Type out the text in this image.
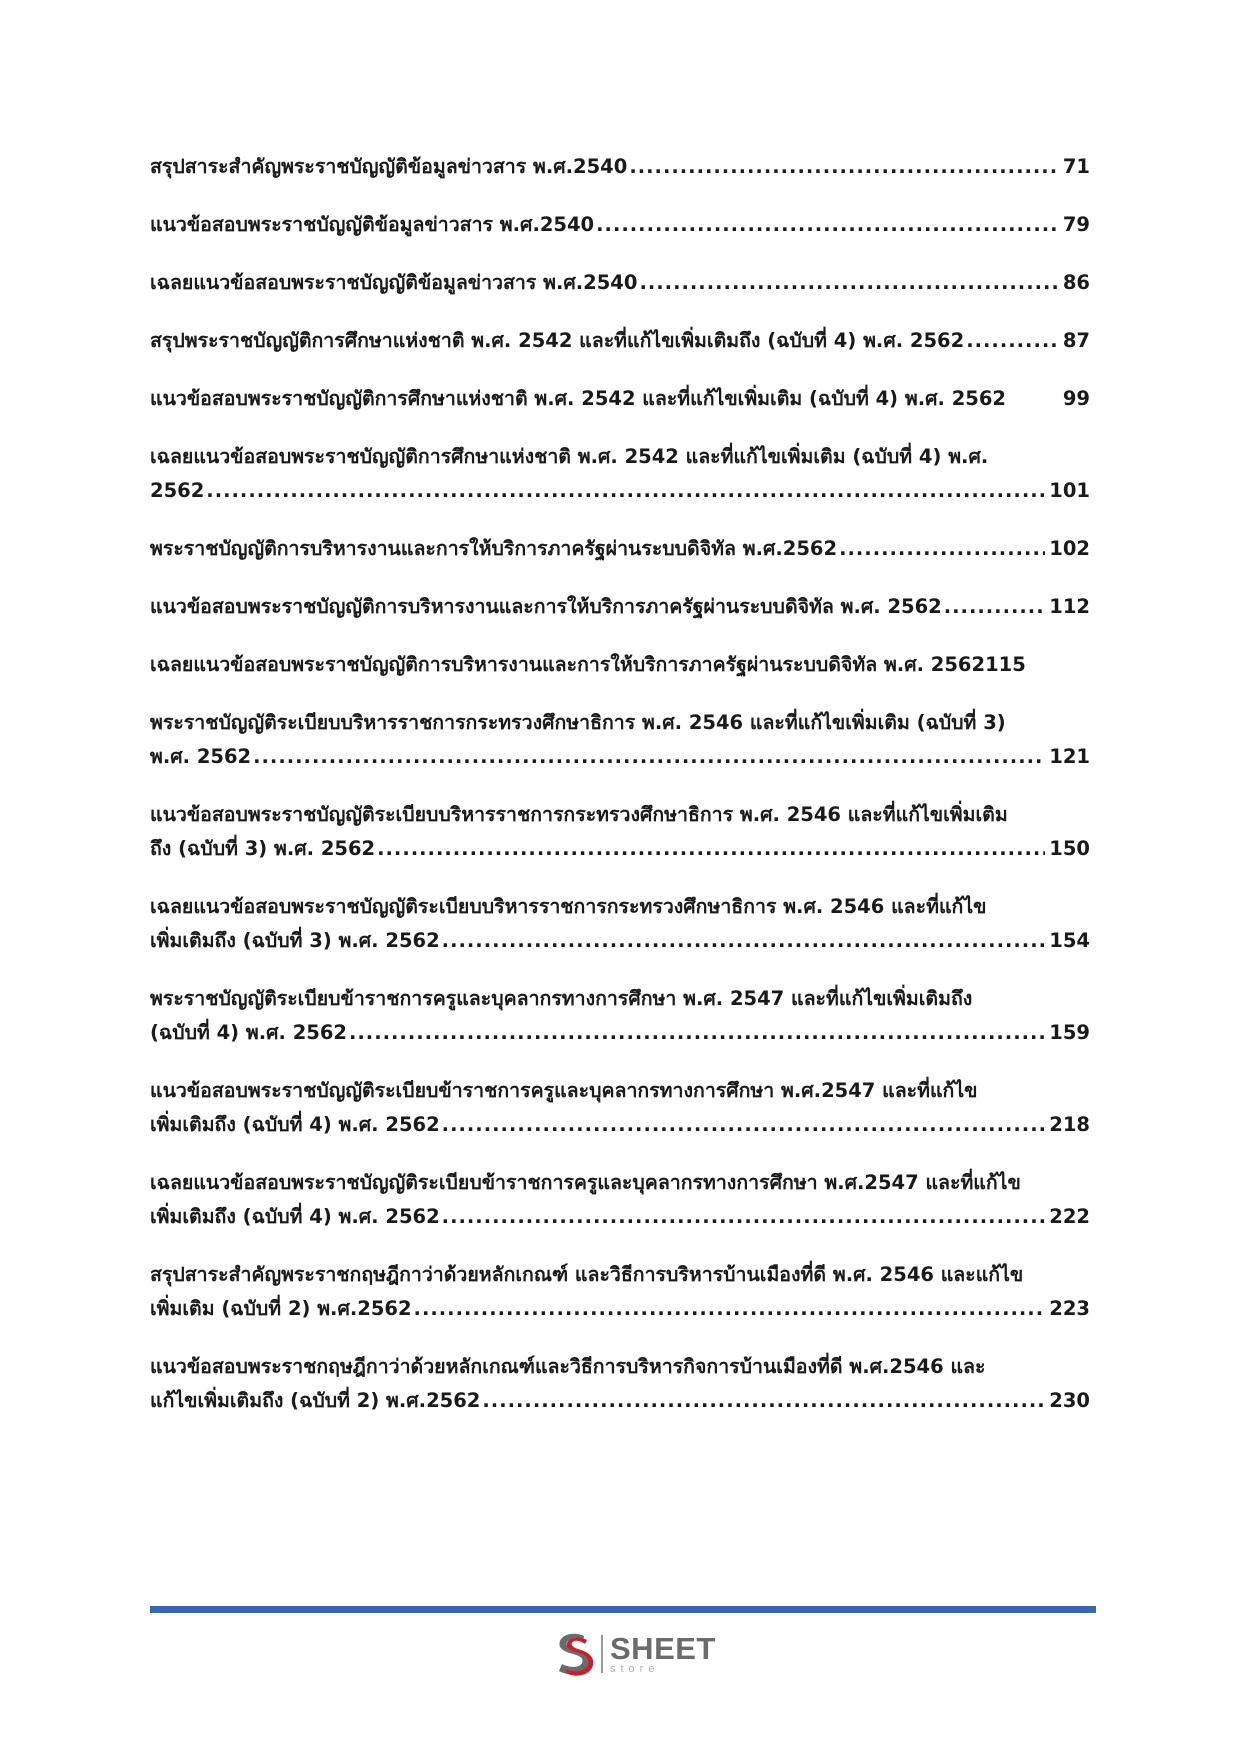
สรุปสาระสำคัญพระราชบัญญัติข้อมูลข่าวสาร พ.ศ.2540 .....	71
แนวข้อสอบพระราชบัญญัติข้อมูลข่าวสาร พ.ศ.2540 .....	79
เฉลยแนวข้อสอบพระราชบัญญัติข้อมูลข่าวสาร พ.ศ.2540 .....	86
สรุปพระราชบัญญัติการศึกษาแห่งชาติ พ.ศ. 2542 และที่แก้ไขเพิ่มเติมถึง (ฉบับที่ 4) พ.ศ. 2562 .....	87
แนวข้อสอบพระราชบัญญัติการศึกษาแห่งชาติ พ.ศ. 2542 และที่แก้ไขเพิ่มเติม (ฉบับที่ 4) พ.ศ. 2562	99
เฉลยแนวข้อสอบพระราชบัญญัติการศึกษาแห่งชาติ พ.ศ. 2542 และที่แก้ไขเพิ่มเติม (ฉบับที่ 4) พ.ศ.
2562 .....	101
พระราชบัญญัติการบริหารงานและการให้บริการภาครัฐผ่านระบบดิจิทัล พ.ศ.2562 .....	102
แนวข้อสอบพระราชบัญญัติการบริหารงานและการให้บริการภาครัฐผ่านระบบดิจิทัล พ.ศ. 2562 .....	112
เฉลยแนวข้อสอบพระราชบัญญัติการบริหารงานและการให้บริการภาครัฐผ่านระบบดิจิทัล พ.ศ. 2562 115
พระราชบัญญัติระเบียบบริหารราชการกระทรวงศึกษาธิการ พ.ศ. 2546 และที่แก้ไขเพิ่มเติม (ฉบับที่ 3)
พ.ศ. 2562 .....	121
แนวข้อสอบพระราชบัญญัติระเบียบบริหารราชการกระทรวงศึกษาธิการ พ.ศ. 2546 และที่แก้ไขเพิ่มเติม
ถึง (ฉบับที่ 3) พ.ศ. 2562 .....	150
เฉลยแนวข้อสอบพระราชบัญญัติระเบียบบริหารราชการกระทรวงศึกษาธิการ พ.ศ. 2546 และที่แก้ไข
เพิ่มเติมถึง (ฉบับที่ 3) พ.ศ. 2562 .....	154
พระราชบัญญัติระเบียบข้าราชการครูและบุคลากรทางการศึกษา พ.ศ. 2547 และที่แก้ไขเพิ่มเติมถึง
(ฉบับที่ 4) พ.ศ. 2562 .....	159
แนวข้อสอบพระราชบัญญัติระเบียบข้าราชการครูและบุคลากรทางการศึกษา พ.ศ.2547 และที่แก้ไข
เพิ่มเติมถึง (ฉบับที่ 4) พ.ศ. 2562 .....	218
เฉลยแนวข้อสอบพระราชบัญญัติระเบียบข้าราชการครูและบุคลากรทางการศึกษา พ.ศ.2547 และที่แก้ไข
เพิ่มเติมถึง (ฉบับที่ 4) พ.ศ. 2562 .....	222
สรุปสาระสำคัญพระราชกฤษฎีกาว่าด้วยหลักเกณฑ์ และวิธีการบริหารบ้านเมืองที่ดี พ.ศ. 2546 และแก้ไข
เพิ่มเติม (ฉบับที่ 2) พ.ศ.2562 .....	223
แนวข้อสอบพระราชกฤษฎีกาว่าด้วยหลักเกณฑ์และวิธีการบริหารกิจการบ้านเมืองที่ดี พ.ศ.2546 และ
แก้ไขเพิ่มเติมถึง (ฉบับที่ 2) พ.ศ.2562 .....	230
SHEET
store
